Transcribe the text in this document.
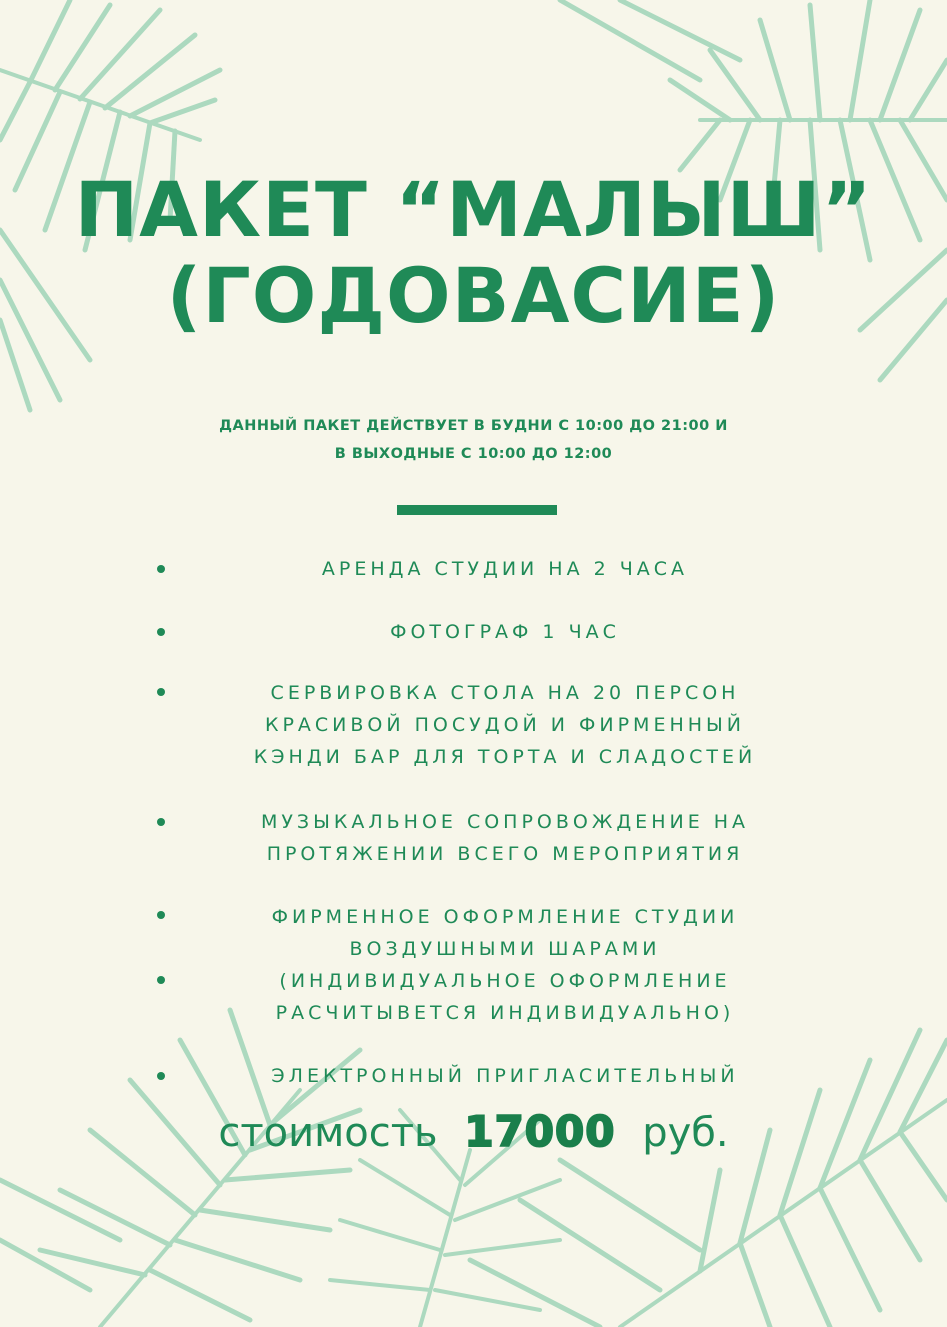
ПАКЕТ “МАЛЫШ”
(ГОДОВАСИЕ)
ДАННЫЙ ПАКЕТ ДЕЙСТВУЕТ В БУДНИ С 10:00 ДО 21:00 И
В ВЫХОДНЫЕ С 10:00 ДО 12:00
АРЕНДА СТУДИИ НА 2 ЧАСА
ФОТОГРАФ 1 ЧАС
СЕРВИРОВКА СТОЛА НА 20 ПЕРСОН
КРАСИВОЙ ПОСУДОЙ И ФИРМЕННЫЙ
КЭНДИ БАР ДЛЯ ТОРТА И СЛАДОСТЕЙ
МУЗЫКАЛЬНОЕ СОПРОВОЖДЕНИЕ НА
ПРОТЯЖЕНИИ ВСЕГО МЕРОПРИЯТИЯ
ФИРМЕННОЕ ОФОРМЛЕНИЕ СТУДИИ
ВОЗДУШНЫМИ ШАРАМИ
(ИНДИВИДУАЛЬНОЕ ОФОРМЛЕНИЕ
РАСЧИТЫВЕТСЯ ИНДИВИДУАЛЬНО)
ЭЛЕКТРОННЫЙ ПРИГЛАСИТЕЛЬНЫЙ
стоимость 17000 руб.
